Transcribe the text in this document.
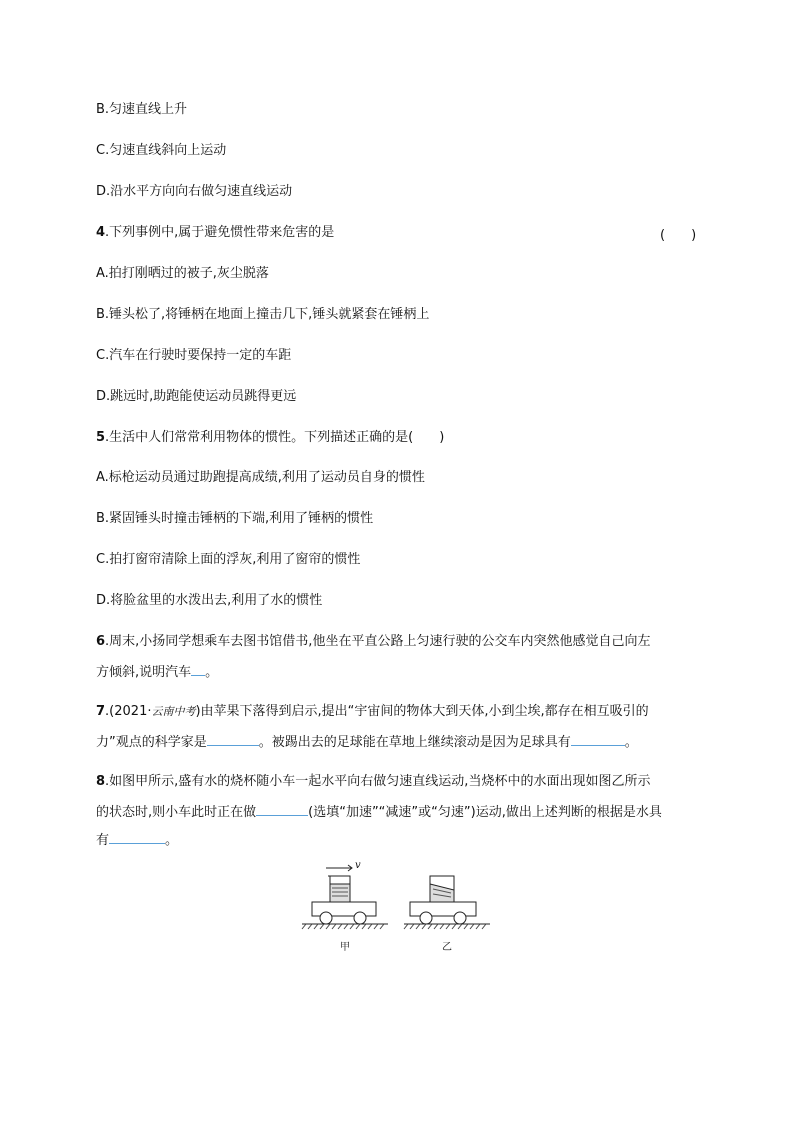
B.匀速直线上升
C.匀速直线斜向上运动
D.沿水平方向向右做匀速直线运动
4.下列事例中,属于避免惯性带来危害的是	(　　)
A.拍打刚晒过的被子,灰尘脱落
B.锤头松了,将锤柄在地面上撞击几下,锤头就紧套在锤柄上
C.汽车在行驶时要保持一定的车距
D.跳远时,助跑能使运动员跳得更远
5.生活中人们常常利用物体的惯性。下列描述正确的是(　　)
A.标枪运动员通过助跑提高成绩,利用了运动员自身的惯性
B.紧固锤头时撞击锤柄的下端,利用了锤柄的惯性
C.拍打窗帘清除上面的浮灰,利用了窗帘的惯性
D.将脸盆里的水泼出去,利用了水的惯性
6.周末,小扬同学想乘车去图书馆借书,他坐在平直公路上匀速行驶的公交车内突然他感觉自己向左
方倾斜,说明汽车 。
7.(2021·云南中考)由苹果下落得到启示,提出“宇宙间的物体大到天体,小到尘埃,都存在相互吸引的
力”观点的科学家是	。被踢出去的足球能在草地上继续滚动是因为足球具有	。
8.如图甲所示,盛有水的烧杯随小车一起水平向右做匀速直线运动,当烧杯中的水面出现如图乙所示
的状态时,则小车此时正在做	(选填“加速”“减速”或“匀速”)运动,做出上述判断的根据是水具
有	。
v
甲	乙
